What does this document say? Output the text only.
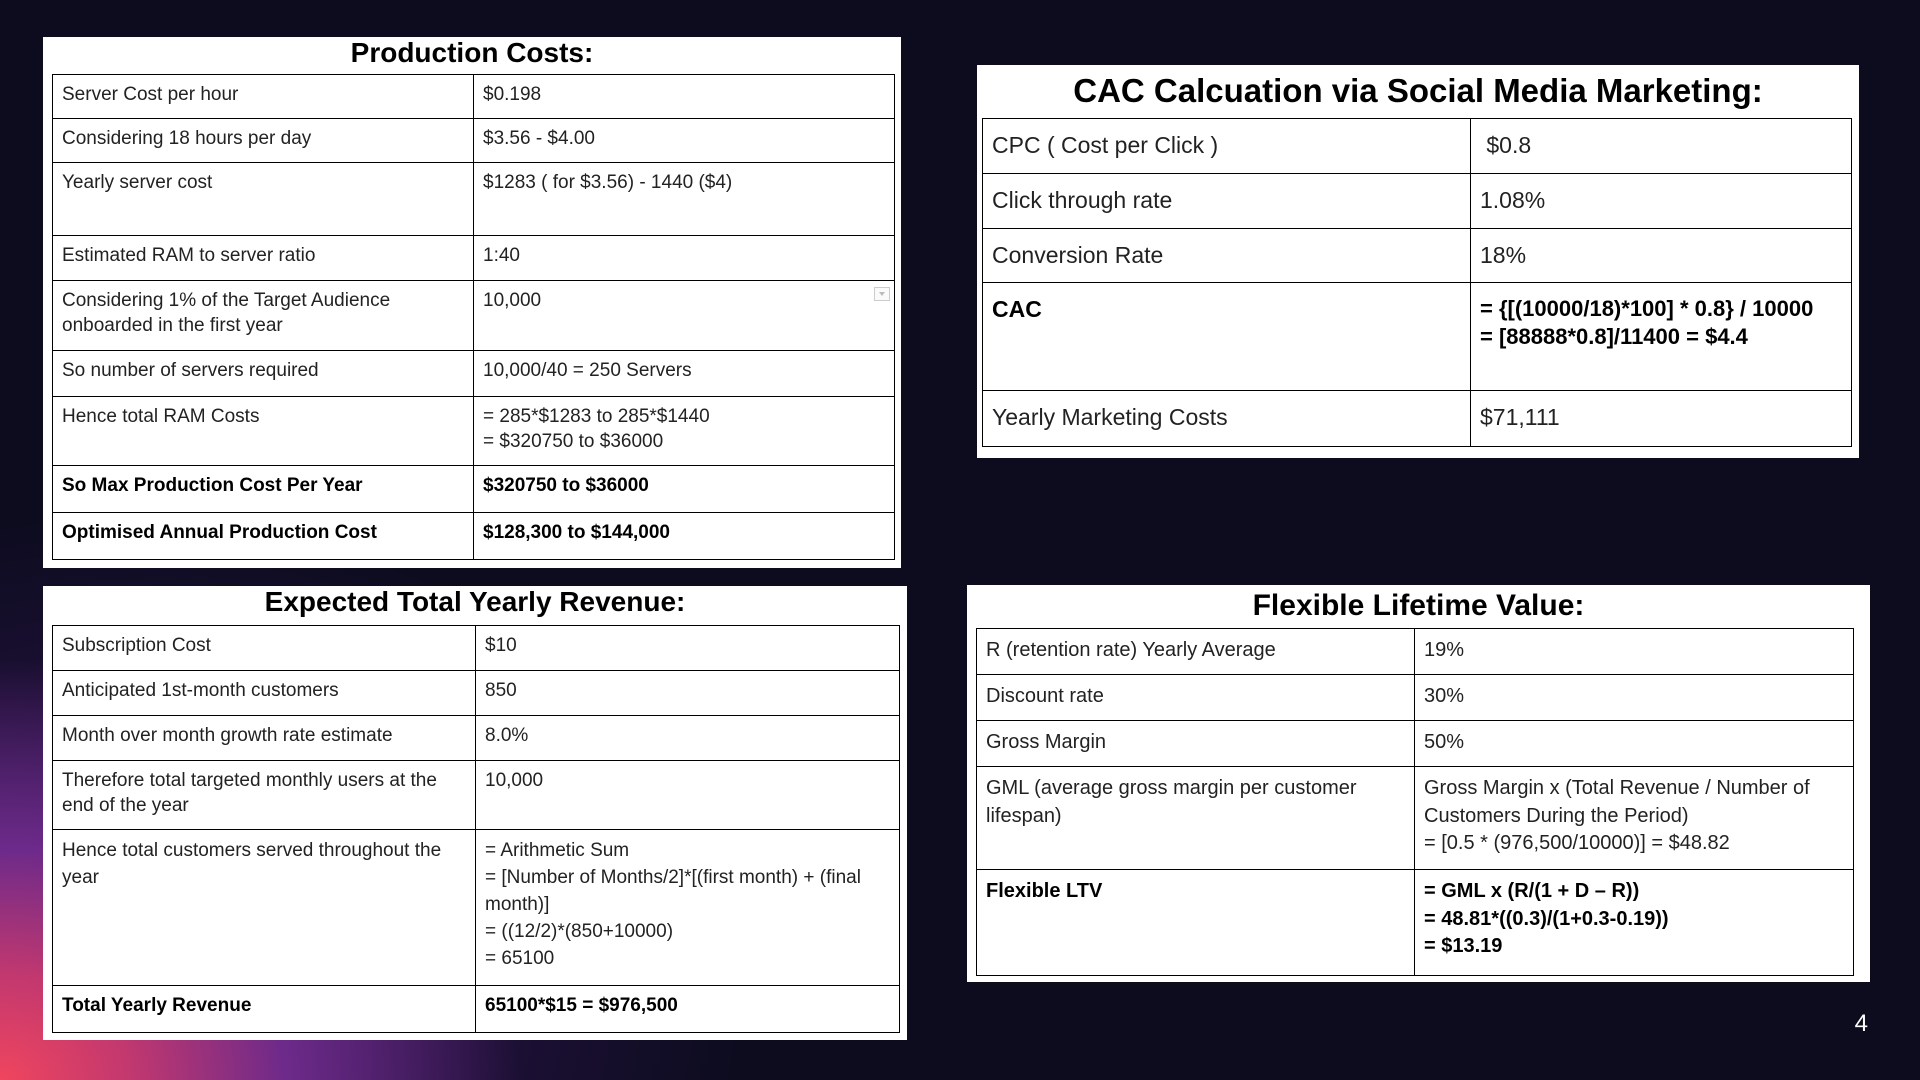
Production Costs:
Server Cost per hour	$0.198
Considering 18 hours per day	$3.56 - $4.00
Yearly server cost	$1283 ( for $3.56) - 1440 ($4)
Estimated RAM to server ratio	1:40
Considering 1% of the Target Audience onboarded in the first year	10,000

So number of servers required	10,000/40 = 250 Servers
Hence total RAM Costs	= 285*$1283 to 285*$1440
= $320750 to $36000
So Max Production Cost Per Year	$320750 to $36000
Optimised Annual Production Cost	$128,300 to $144,000
CAC Calcuation via Social Media Marketing:
CPC ( Cost per Click )	$0.8
Click through rate	1.08%
Conversion Rate	18%
CAC	= {[(10000/18)*100] * 0.8} / 10000
= [88888*0.8]/11400 = $4.4
Yearly Marketing Costs	$71,111
Expected Total Yearly Revenue:
Subscription Cost	$10
Anticipated 1st-month customers	850
Month over month growth rate estimate	8.0%
Therefore total targeted monthly users at the end of the year	10,000
Hence total customers served throughout the year	= Arithmetic Sum
= [Number of Months/2]*[(first month) + (final month)]
= ((12/2)*(850+10000)
= 65100
Total Yearly Revenue	65100*$15 = $976,500
Flexible Lifetime Value:
R (retention rate) Yearly Average	19%
Discount rate	30%
Gross Margin	50%
GML (average gross margin per customer lifespan)	Gross Margin x (Total Revenue / Number of Customers During the Period)
= [0.5 * (976,500/10000)] = $48.82
Flexible LTV	= GML x (R/(1 + D – R))
= 48.81*((0.3)/(1+0.3-0.19))
= $13.19
4
